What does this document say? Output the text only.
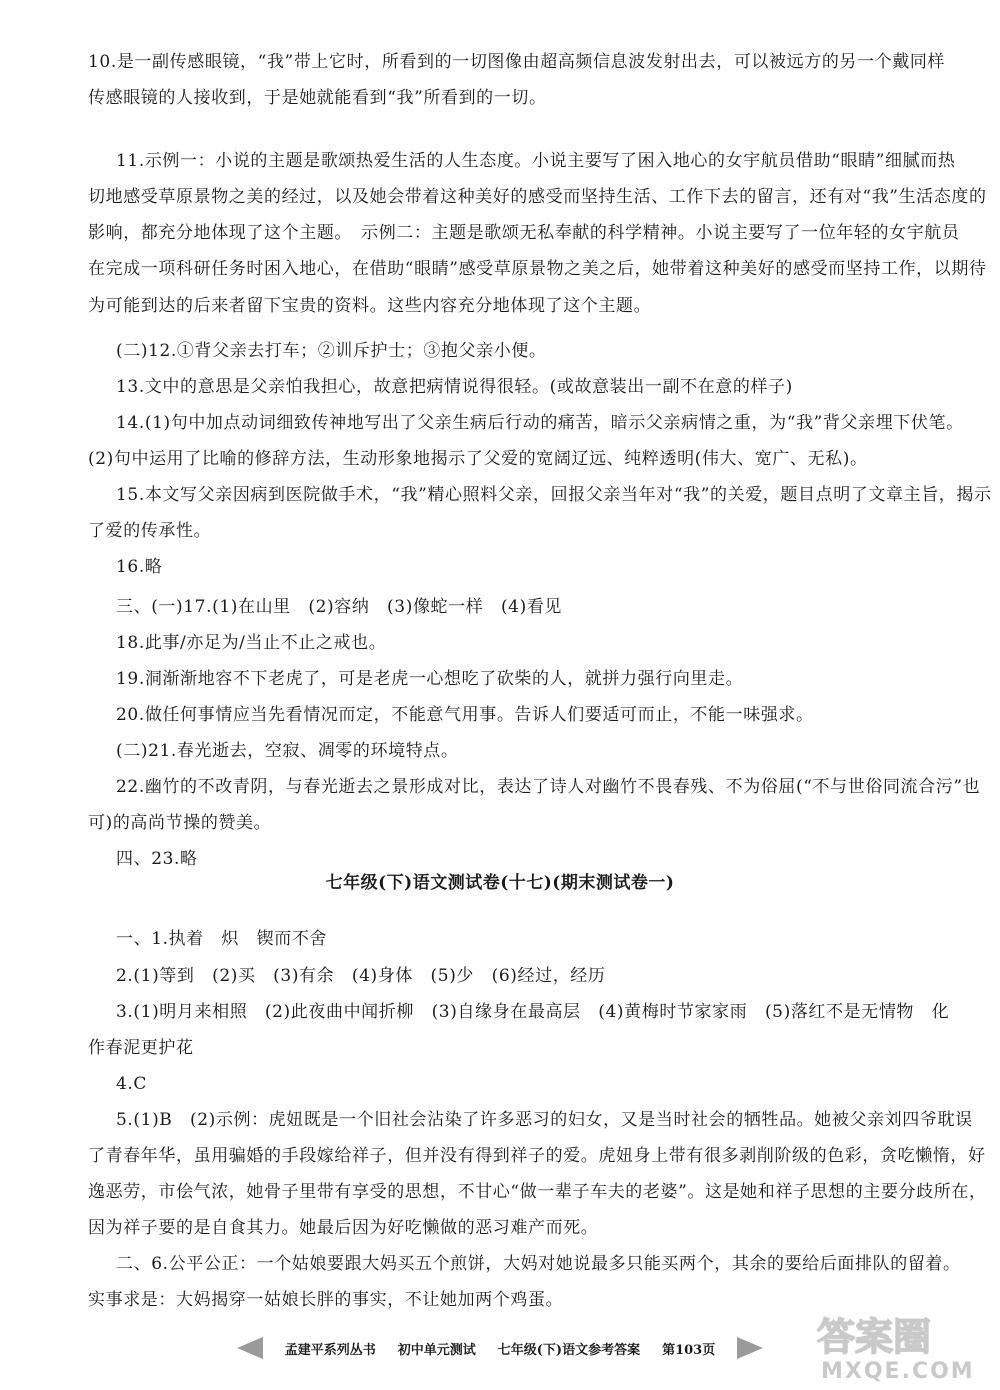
10.是一副传感眼镜，“我”带上它时，所看到的一切图像由超高频信息波发射出去，可以被远方的另一个戴同样
传感眼镜的人接收到，于是她就能看到“我”所看到的一切。
11.示例一：小说的主题是歌颂热爱生活的人生态度。小说主要写了困入地心的女宇航员借助“眼睛”细腻而热
切地感受草原景物之美的经过，以及她会带着这种美好的感受而坚持生活、工作下去的留言，还有对“我”生活态度的
影响，都充分地体现了这个主题。　示例二：主题是歌颂无私奉献的科学精神。小说主要写了一位年轻的女宇航员
在完成一项科研任务时困入地心，在借助“眼睛”感受草原景物之美之后，她带着这种美好的感受而坚持工作，以期待
为可能到达的后来者留下宝贵的资料。这些内容充分地体现了这个主题。
(二)12.①背父亲去打车；②训斥护士；③抱父亲小便。
13.文中的意思是父亲怕我担心，故意把病情说得很轻。(或故意装出一副不在意的样子)
14.(1)句中加点动词细致传神地写出了父亲生病后行动的痛苦，暗示父亲病情之重，为“我”背父亲埋下伏笔。
(2)句中运用了比喻的修辞方法，生动形象地揭示了父爱的宽阔辽远、纯粹透明(伟大、宽广、无私)。
15.本文写父亲因病到医院做手术，“我”精心照料父亲，回报父亲当年对“我”的关爱，题目点明了文章主旨，揭示
了爱的传承性。
16.略
三、(一)17.(1)在山里　(2)容纳　(3)像蛇一样　(4)看见
18.此事/亦足为/当止不止之戒也。
19.洞渐渐地容不下老虎了，可是老虎一心想吃了砍柴的人，就拼力强行向里走。
20.做任何事情应当先看情况而定，不能意气用事。告诉人们要适可而止，不能一味强求。
(二)21.春光逝去，空寂、凋零的环境特点。
22.幽竹的不改青阴，与春光逝去之景形成对比，表达了诗人对幽竹不畏春残、不为俗屈(“不与世俗同流合污”也
可)的高尚节操的赞美。
四、23.略
七年级(下)语文测试卷(十七)(期末测试卷一)
一、1.执着　炽　锲而不舍
2.(1)等到　(2)买　(3)有余　(4)身体　(5)少　(6)经过，经历
3.(1)明月来相照　(2)此夜曲中闻折柳　(3)自缘身在最高层　(4)黄梅时节家家雨　(5)落红不是无情物　化
作春泥更护花
4.C
5.(1)B　(2)示例：虎妞既是一个旧社会沾染了许多恶习的妇女，又是当时社会的牺牲品。她被父亲刘四爷耽误
了青春年华，虽用骗婚的手段嫁给祥子，但并没有得到祥子的爱。虎妞身上带有很多剥削阶级的色彩，贪吃懒惰，好
逸恶劳，市侩气浓，她骨子里带有享受的思想，不甘心“做一辈子车夫的老婆”。这是她和祥子思想的主要分歧所在，
因为祥子要的是自食其力。她最后因为好吃懒做的恶习难产而死。
二、6.公平公正：一个姑娘要跟大妈买五个煎饼，大妈对她说最多只能买两个，其余的要给后面排队的留着。
实事求是：大妈揭穿一姑娘长胖的事实，不让她加两个鸡蛋。
孟建平系列丛书 初中单元测试 七年级(下)语文参考答案 第103页	答案圈
MXQE.COM
